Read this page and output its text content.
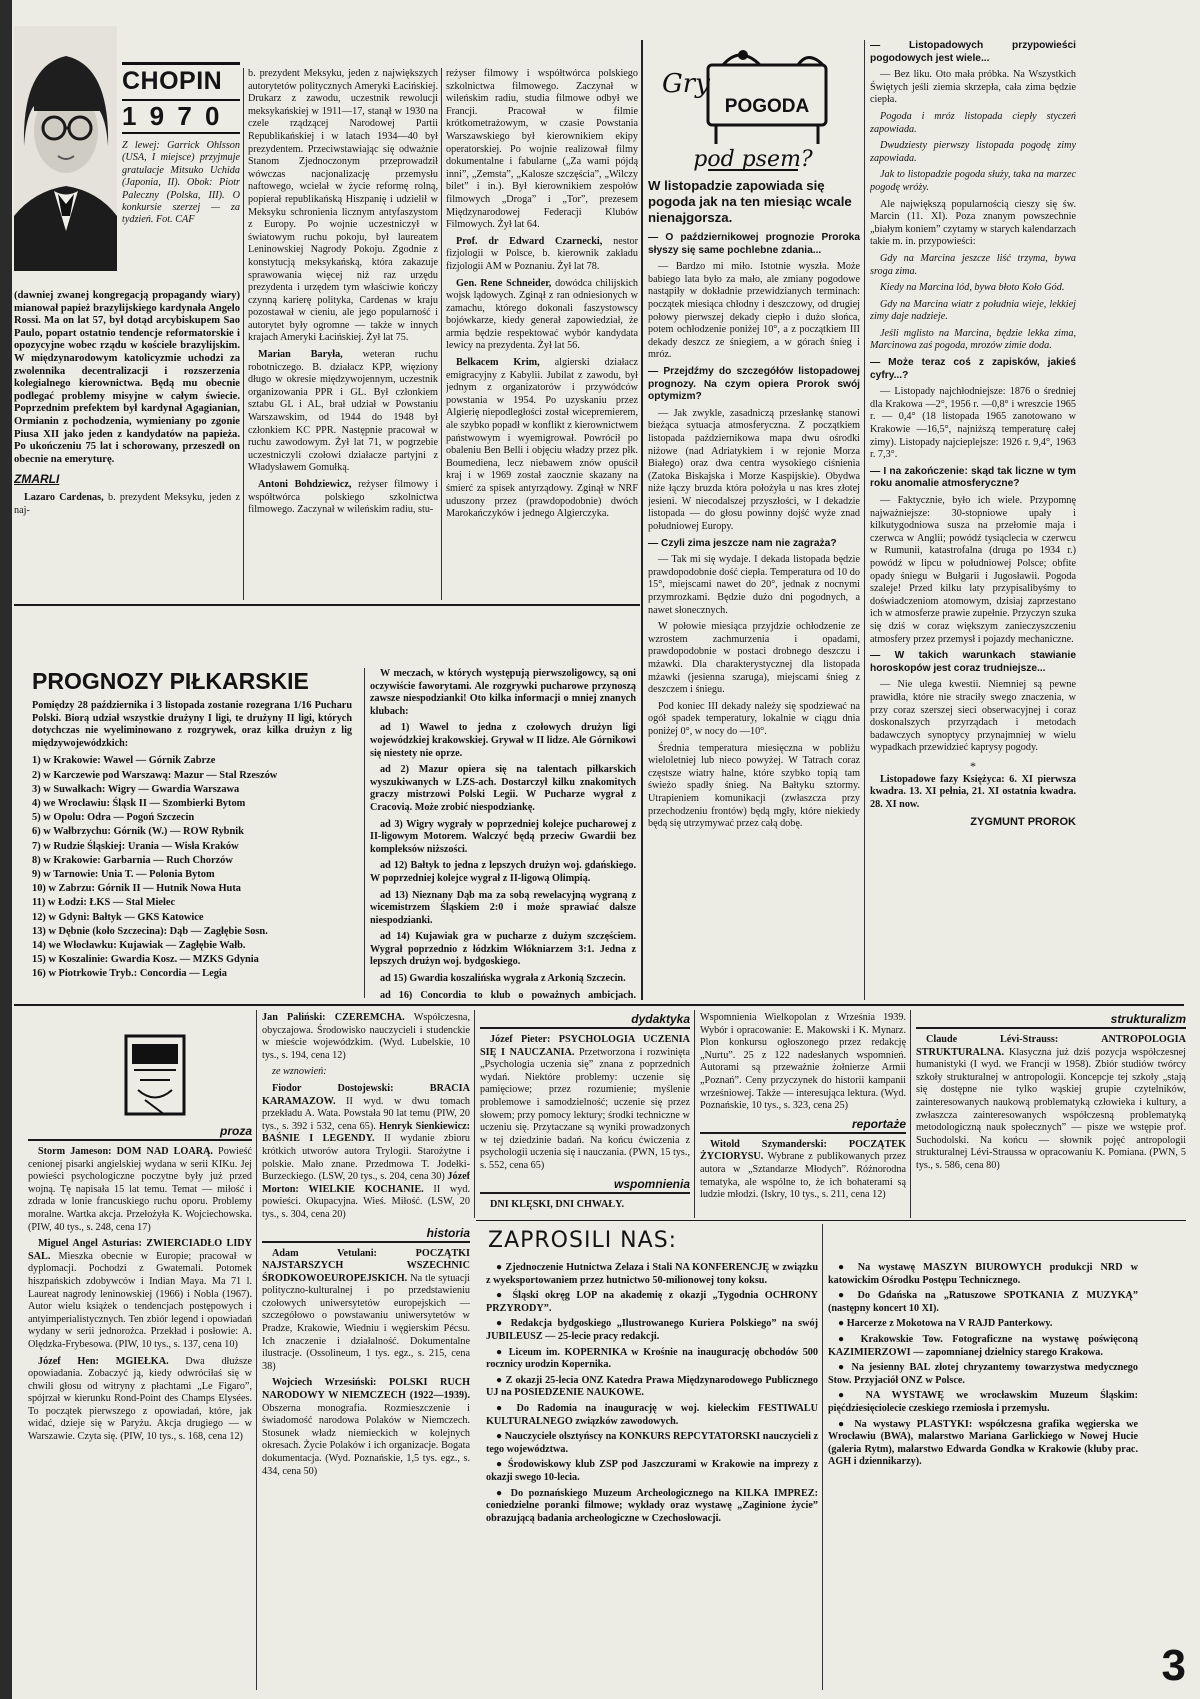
CHOPIN
1 9 7 0
Z lewej: Garrick Ohlsson (USA, I miejsce) przyjmuje gratulacje Mitsuko Uchida (Japonia, II). Obok: Piotr Paleczny (Polska, III). O konkursie szerzej — za tydzień. Fot. CAF

(dawniej zwanej kongregacją propagandy wiary) mianował papież brazylijskiego kardynała Angelo Rossi. Ma on lat 57, był dotąd arcybiskupem Sao Paulo, popart ostatnio tendencje reformatorskie i opozycyjne wobec rządu w kościele brazylijskim. W międzynarodowym katolicyzmie uchodzi za zwolennika decentralizacji i rozszerzenia kolegialnego kierownictwa. Będą mu obecnie podlegać problemy misyjne w całym świecie. Poprzednim prefektem był kardynał Agagianian, Ormianin z pochodzenia, wymieniany po zgonie Piusa XII jako jeden z kandydatów na papieża. Po ukończeniu 75 lat i schorowany, przeszedł on obecnie na emeryturę.

ZMARLI

Lazaro Cardenas, b. prezydent Meksyku, jeden z naj-

b. prezydent Meksyku, jeden z największych autorytetów politycznych Ameryki Łacińskiej. Drukarz z zawodu, uczestnik rewolucji meksykańskiej w 1911—17, stanął w 1930 na czele rządzącej Narodowej Partii Republikańskiej i w latach 1934—40 był prezydentem. Przeciwstawiając się odważnie Stanom Zjednoczonym przeprowadził wówczas nacjonalizację przemysłu naftowego, wcielał w życie reformę rolną, popierał republikańską Hiszpanię i udzielił w Meksyku schronienia licznym antyfaszystom z Europy. Po wojnie uczestniczył w światowym ruchu pokoju, był laureatem Leninowskiej Nagrody Pokoju. Zgodnie z konstytucją meksykańską, która zakazuje sprawowania więcej niż raz urzędu prezydenta i urzędem tym właściwie kończy czynną karierę polityka, Cardenas w kraju pozostawał w cieniu, ale jego popularność i autorytet były ogromne — także w innych krajach Ameryki Łacińskiej. Żył lat 75.

Marian Baryła, weteran ruchu robotniczego. B. działacz KPP, więziony długo w okresie międzywojennym, uczestnik organizowania PPR i GL. Był członkiem sztabu GL i AL, brał udział w Powstaniu Warszawskim, od 1944 do 1948 był członkiem KC PPR. Następnie pracował w ruchu zawodowym. Żył lat 71, w pogrzebie uczestniczyli czołowi działacze partyjni z Władysławem Gomułką.

Antoni Bohdziewicz, reżyser filmowy i współtwórca polskiego szkolnictwa filmowego. Zaczynał w wileńskim radiu, stu-

reżyser filmowy i współtwórca polskiego szkolnictwa filmowego. Zaczynał w wileńskim radiu, studia filmowe odbył we Francji. Pracował w filmie krótkometrażowym, w czasie Powstania Warszawskiego był kierownikiem ekipy operatorskiej. Po wojnie realizował filmy dokumentalne i fabularne („Za wami pójdą inni”, „Zemsta”, „Kalosze szczęścia”, „Wilczy bilet” i in.). Był kierownikiem zespołów filmowych „Droga” i „Tor”, prezesem Międzynarodowej Federacji Klubów Filmowych. Żył lat 64.

Prof. dr Edward Czarnecki, nestor fizjologii w Polsce, b. kierownik zakładu fizjologii AM w Poznaniu. Żył lat 78.

Gen. Rene Schneider, dowódca chilijskich wojsk lądowych. Zginął z ran odniesionych w zamachu, którego dokonali faszystowscy bojówkarze, kiedy generał zapowiedział, że armia będzie respektować wybór kandydata lewicy na prezydenta. Żył lat 56.

Belkacem Krim, algierski działacz emigracyjny z Kabylii. Jubilat z zawodu, był jednym z organizatorów i przywódców powstania w 1954. Po uzyskaniu przez Algierię niepodległości został wicepremierem, ale szybko popadł w konflikt z kierownictwem państwowym i wyemigrował. Powrócił po obaleniu Ben Belli i objęciu władzy przez płk. Boumediena, lecz niebawem znów opuścił kraj i w 1969 został zaocznie skazany na śmierć za spisek antyrządowy. Zginął w NRF uduszony przez (prawdopodobnie) dwóch Marokańczyków i jednego Algierczyka.

Gry
POGODA
pod psem?
W listopadzie zapowiada się pogoda jak na ten miesiąc wcale nienajgorsza.

— O październikowej prognozie Proroka słyszy się same pochlebne zdania...

— Bardzo mi miło. Istotnie wyszła. Może babiego lata było za mało, ale zmiany pogodowe nastąpiły w dokładnie przewidzianych terminach: początek miesiąca chłodny i deszczowy, od drugiej połowy pierwszej dekady ciepło i dużo słońca, potem ochłodzenie poniżej 10°, a z początkiem III dekady deszcz ze śniegiem, a w górach śnieg i mróz.

— Przejdźmy do szczegółów listopadowej prognozy. Na czym opiera Prorok swój optymizm?

— Jak zwykle, zasadniczą przesłankę stanowi bieżąca sytuacja atmosferyczna. Z początkiem listopada październikowa mapa dwu ośrodki niżowe (nad Adriatykiem i w rejonie Morza Białego) oraz dwa centra wysokiego ciśnienia (Zatoka Biskajska i Morze Kaspijskie). Obydwa niże łączy bruzda która położyła u nas kres złotej jesieni. W niecodalszej przyszłości, w I dekadzie listopada — do głosu powinny dojść wyże znad południowej Europy.

— Czyli zima jeszcze nam nie zagraża?

— Tak mi się wydaje. I dekada listopada będzie prawdopodobnie dość ciepła. Temperatura od 10 do 15°, miejscami nawet do 20°, jednak z nocnymi przymrozkami. Będzie dużo dni pogodnych, a nawet słonecznych.

W połowie miesiąca przyjdzie ochłodzenie ze wzrostem zachmurzenia i opadami, prawdopodobnie w postaci drobnego deszczu i mżawki. Dla charakterystycznej dla listopada mżawki (jesienna szaruga), miejscami śnieg z deszczem i śniegu.

Pod koniec III dekady należy się spodziewać na ogół spadek temperatury, lokalnie w ciągu dnia poniżej 0°, w nocy do —10°.

Średnia temperatura miesięczna w pobliżu wieloletniej lub nieco powyżej. W Tatrach coraz częstsze wiatry halne, które szybko topią tam świeżo spadły śnieg. Na Bałtyku sztormy. Utrapieniem komunikacji (zwłaszcza przy przechodzeniu frontów) będą mgły, które niekiedy będą się utrzymywać przez całą dobę.

— Listopadowych przypowieści pogodowych jest wiele...

— Bez liku. Oto mała próbka. Na Wszystkich Świętych jeśli ziemia skrzepła, cała zima będzie ciepła.

Pogoda i mróz listopada ciepły styczeń zapowiada.

Dwudziesty pierwszy listopada pogodę zimy zapowiada.

Jak to listopadzie pogoda służy, taka na marzec pogodę wróży.

Ale największą popularnością cieszy się św. Marcin (11. XI). Poza znanym powszechnie „białym koniem” czytamy w starych kalendarzach takie m. in. przypowieści:

Gdy na Marcina jeszcze liść trzyma, bywa sroga zima.

Kiedy na Marcina lód, bywa błoto Koło Gód.

Gdy na Marcina wiatr z południa wieje, lekkiej zimy daje nadzieje.

Jeśli mglisto na Marcina, będzie lekka zima, Marcinowa zaś pogoda, mrozów zimie doda.

— Może teraz coś z zapisków, jakieś cyfry...?

— Listopady najchłodniejsze: 1876 o średniej dla Krakowa —2°, 1956 r. —0,8° i wreszcie 1965 r. — 0,4° (18 listopada 1965 zanotowano w Krakowie —16,5°, najniższą temperaturę całej zimy). Listopady najcieplejsze: 1926 r. 9,4°, 1963 r. 7,3°.

— I na zakończenie: skąd tak liczne w tym roku anomalie atmosferyczne?

— Faktycznie, było ich wiele. Przypomnę najważniejsze: 30-stopniowe upały i kilkutygodniowa susza na przełomie maja i czerwca w Anglii; powódź tysiąclecia w czerwcu w Rumunii, katastrofalna (druga po 1934 r.) powódź w lipcu w południowej Polsce; obfite opady śniegu w Bułgarii i Jugosławii. Pogoda szaleje! Przed kilku laty przypisalibyśmy to doświadczeniom atomowym, dzisiaj zaprzestano ich w atmosferze prawie zupełnie. Przyczyn szuka się dziś w coraz większym zanieczyszczeniu atmosfery przez przemysł i pojazdy mechaniczne.

— W takich warunkach stawianie horoskopów jest coraz trudniejsze...

— Nie ulega kwestii. Niemniej są pewne prawidła, które nie straciły swego znaczenia, w przy coraz szerszej sieci obserwacyjnej i coraz doskonalszych przyrządach i metodach badawczych synoptycy przynajmniej w wielu wypadkach przewidzieć kaprysy pogody.

*

Listopadowe fazy Księżyca: 6. XI pierwsza kwadra. 13. XI pełnia, 21. XI ostatnia kwadra. 28. XI now.

ZYGMUNT PROROK
PROGNOZY PIŁKARSKIE

Pomiędzy 28 października i 3 listopada zostanie rozegrana 1/16 Pucharu Polski. Biorą udział wszystkie drużyny I ligi, te drużyny II ligi, których dotychczas nie wyeliminowano z rozgrywek, oraz kilka drużyn z lig międzywojewódzkich:

1) w Krakowie: Wawel — Górnik Zabrze
2) w Karczewie pod Warszawą: Mazur — Stal Rzeszów
3) w Suwałkach: Wigry — Gwardia Warszawa
4) we Wrocławiu: Śląsk II — Szombierki Bytom
5) w Opolu: Odra — Pogoń Szczecin
6) w Wałbrzychu: Górnik (W.) — ROW Rybnik
7) w Rudzie Śląskiej: Urania — Wisła Kraków
8) w Krakowie: Garbarnia — Ruch Chorzów
9) w Tarnowie: Unia T. — Polonia Bytom
10) w Zabrzu: Górnik II — Hutnik Nowa Huta
11) w Łodzi: ŁKS — Stal Mielec
12) w Gdyni: Bałtyk — GKS Katowice
13) w Dębnie (koło Szczecina): Dąb — Zagłębie Sosn.
14) we Włocławku: Kujawiak — Zagłębie Wałb.
15) w Koszalinie: Gwardia Kosz. — MZKS Gdynia
16) w Piotrkowie Tryb.: Concordia — Legia

W meczach, w których występują pierwszoligowcy, są oni oczywiście faworytami. Ale rozgrywki pucharowe przynoszą zawsze niespodzianki! Oto kilka informacji o mniej znanych klubach:

ad 1) Wawel to jedna z czołowych drużyn ligi wojewódzkiej krakowskiej. Grywał w II lidze. Ale Górnikowi się niestety nie oprze.

ad 2) Mazur opiera się na talentach piłkarskich wyszukiwanych w LZS-ach. Dostarczył kilku znakomitych graczy mistrzowi Polski Legii. W Pucharze wygrał z Cracovią. Może zrobić niespodziankę.

ad 3) Wigry wygrały w poprzedniej kolejce pucharowej z II-ligowym Motorem. Walczyć będą przeciw Gwardii bez kompleksów niższości.

ad 12) Bałtyk to jedna z lepszych drużyn woj. gdańskiego. W poprzedniej kolejce wygrał z II-ligową Olimpią.

ad 13) Nieznany Dąb ma za sobą rewelacyjną wygraną z wicemistrzem Śląskiem 2:0 i może sprawiać dalsze niespodzianki.

ad 14) Kujawiak gra w pucharze z dużym szczęściem. Wygrał poprzednio z łódzkim Włókniarzem 3:1. Jedna z lepszych drużyn woj. bydgoskiego.

ad 15) Gwardia koszalińska wygrała z Arkonią Szczecin.

ad 16) Concordia to klub o poważnych ambicjach.

proza

Storm Jameson: DOM NAD LOARĄ. Powieść cenionej pisarki angielskiej wydana w serii KIKu. Jej powieści psychologiczne poczytne były już przed wojną. Tę napisała 15 lat temu. Temat — miłość i zdrada w lonie francuskiego ruchu oporu. Problemy moralne. Wartka akcja. Przełożyła K. Wojciechowska. (PIW, 40 tys., s. 248, cena 17)

Miguel Angel Asturias: ZWIERCIADŁO LIDY SAL. Mieszka obecnie w Europie; pracował w dyplomacji. Pochodzi z Gwatemali. Potomek hiszpańskich zdobywców i Indian Maya. Ma 71 l. Laureat nagrody leninowskiej (1966) i Nobla (1967). Autor wielu książek o tendencjach postępowych i antyimperialistycznych. Ten zbiór legend i opowiadań wydany w serii jednorożca. Przekład i posłowie: A. Olędzka-Frybesowa. (PIW, 10 tys., s. 137, cena 10)

Józef Hen: MGIEŁKA. Dwa dłuższe opowiadania. Zobaczyć ją, kiedy odwróciłaś się w chwili głosu od witryny z płachtami „Le Figaro”, spójrzał w kierunku Rond-Point des Champs Elysées. To początek pierwszego z opowiadań, które, jak widać, dzieje się w Paryżu. Akcja drugiego — w Warszawie. Czyta się. (PIW, 10 tys., s. 168, cena 12)

Jan Paliński: CZEREMCHA. Współczesna, obyczajowa. Środowisko nauczycieli i studenckie w mieście wojewódzkim. (Wyd. Lubelskie, 10 tys., s. 194, cena 12)

ze wznowień:

Fiodor Dostojewski:	BRACIA KARAMAZOW. II wyd. w dwu tomach przekładu A. Wata. Powstała 90 lat temu (PIW, 20 tys., s. 392 i 532, cena 65). Henryk Sienkiewicz: BAŚNIE I LEGENDY. II wydanie zbioru krótkich utworów autora Trylogii. Starożytne i polskie. Mało znane. Przedmowa T. Jodełki-Burzeckiego. (LSW, 20 tys., s. 204, cena 30) Józef Morton: WIELKIE KOCHANIE. II wyd. powieści. Okupacyjna. Wieś. Miłość. (LSW, 20 tys., s. 304, cena 20)

historia

Adam Vetulani:	POCZĄTKI NAJSTARSZYCH WSZECHNIC ŚRODKOWOEUROPEJSKICH. Na tle sytuacji polityczno-kulturalnej i po przedstawieniu czołowych uniwersytetów europejskich — szczegółowo o powstawaniu uniwersytetów w Pradze, Krakowie, Wiedniu i węgierskim Pécsu. Ich znaczenie i działalność. Dokumentalne ilustracje. (Ossolineum, 1 tys. egz., s. 215, cena 38)

Wojciech Wrzesiński: POLSKI RUCH NARODOWY W NIEMCZECH (1922—1939). Obszerna monografia. Rozmieszczenie i świadomość narodowa Polaków w Niemczech. Stosunek władz niemieckich w kolejnych okresach. Życie Polaków i ich organizacje. Bogata dokumentacja. (Wyd. Poznańskie, 1,5 tys. egz., s. 434, cena 50)

dydaktyka

Józef Pieter: PSYCHOLOGIA UCZENIA SIĘ I NAUCZANIA. Przetworzona i rozwinięta „Psychologia uczenia się” znana z poprzednich wydań. Niektóre problemy: uczenie się pamięciowe; przez rozumienie; myślenie problemowe i samodzielność; uczenie się przez słowem; przy pomocy lektury; środki techniczne w uczeniu się. Przytaczane są wyniki prowadzonych w tej dziedzinie badań. Na końcu ćwiczenia z psychologii uczenia się i nauczania. (PWN, 15 tys., s. 552, cena 65)

wspomnienia

DNI KLĘSKI, DNI CHWAŁY.

Wspomnienia Wielkopolan z Września 1939. Wybór i opracowanie: E. Makowski i K. Mynarz. Plon konkursu ogłoszonego przez redakcję „Nurtu”. 25 z 122 nadesłanych wspomnień. Autorami są przeważnie żołnierze Armii „Poznań”. Ceny przyczynek do historii kampanii wrześniowej. Także — interesująca lektura. (Wyd. Poznańskie, 10 tys., s. 323, cena 25)

reportaże

Witold Szymanderski: POCZĄTEK ŻYCIORYSU. Wybrane z publikowanych przez autora w „Sztandarze Młodych”. Różnorodna tematyka, ale wspólne to, że ich bohaterami są ludzie młodzi. (Iskry, 10 tys., s. 211, cena 12)

strukturalizm

Claude Lévi-Strauss:	ANTROPOLOGIA STRUKTURALNA. Klasyczna już dziś pozycja współczesnej humanistyki (I wyd. we Francji w 1958). Zbiór studiów twórcy szkoły strukturalnej w antropologii. Koncepcje tej szkoły „stają się dostępne nie tylko wąskiej grupie czytelników, zainteresowanych naukową problematyką człowieka i kultury, a zwłaszcza zainteresowanych współczesną problematyką metodologiczną nauk społecznych” — pisze we wstępie prof. Suchodolski. Na końcu — słownik pojęć antropologii strukturalnej Lévi-Straussa w opracowaniu K. Pomiana. (PWN, 5 tys., s. 586, cena 80)

ZAPROSILI NAS:

● Zjednoczenie Hutnictwa Żelaza i Stali NA KONFERENCJĘ w związku z wyeksportowaniem przez hutnictwo 50-milionowej tony koksu.

● Śląski okręg LOP na akademię z okazji „Tygodnia OCHRONY PRZYRODY”.

● Redakcja bydgoskiego „Ilustrowanego Kuriera Polskiego” na swój JUBILEUSZ — 25-lecie pracy redakcji.

● Liceum im. KOPERNIKA w Krośnie na inaugurację obchodów 500 rocznicy urodzin Kopernika.

● Z okazji 25-lecia ONZ Katedra Prawa Międzynarodowego Publicznego UJ na POSIEDZENIE NAUKOWE.

● Do Radomia na inaugurację w woj. kieleckim FESTIWALU KULTURALNEGO związków zawodowych.

● Nauczyciele olsztyńscy na KONKURS REPCYTATORSKI nauczycieli z tego województwa.

● Środowiskowy klub ZSP pod Jaszczurami w Krakowie na imprezy z okazji swego 10-lecia.

● Do poznańskiego Muzeum Archeologicznego na KILKA IMPREZ: coniedzielne poranki filmowe; wykłady oraz wystawę „Zaginione życie” obrazującą badania archeologiczne w Czechosłowacji.

● Na wystawę MASZYN BIUROWYCH produkcji NRD w katowickim Ośrodku Postępu Technicznego.

● Do Gdańska na „Ratuszowe SPOTKANIA Z MUZYKĄ” (następny koncert 10 XI).

● Harcerze z Mokotowa na V RAJD Panterkowy.

● Krakowskie Tow. Fotograficzne na wystawę poświęconą KAZIMIERZOWI — zapomnianej dzielnicy starego Krakowa.

● Na jesienny BAL złotej chryzantemy towarzystwa medycznego Stow. Przyjaciół ONZ w Polsce.

● NA WYSTAWĘ we wrocławskim Muzeum Śląskim: pięćdziesięciolecie czeskiego rzemiosła i przemysłu.

● Na wystawy PLASTYKI: współczesna grafika węgierska we Wrocławiu (BWA), malarstwo Mariana Garlickiego w Nowej Hucie (galeria Rytm), malarstwo Edwarda Gondka w Krakowie (kluby prac. AGH i dziennikarzy).

3
